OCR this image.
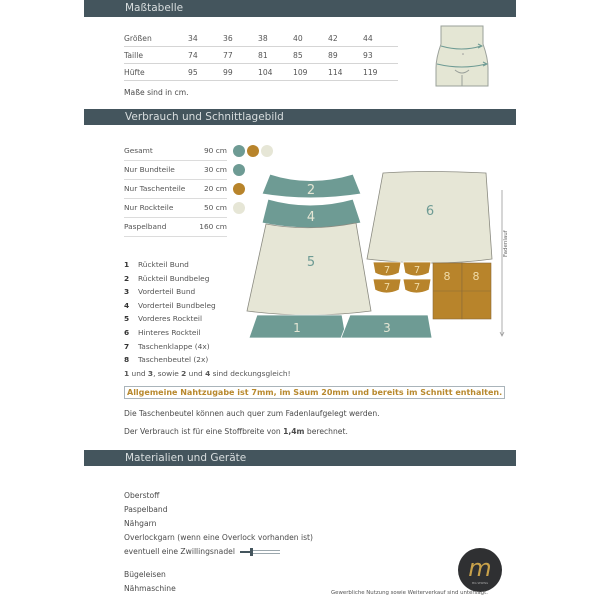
Maßtabelle
Verbrauch und Schnittlagebild
Materialien und Geräte
Größen	34	36	38	40	42	44
Taille	74	77	81	85	89	93
Hüfte	95	99	104	109	114	119
Maße sind in cm.
Gesamt	90 cm
Nur Bundteile	30 cm
Nur Taschenteile	20 cm
Nur Rockteile	50 cm
Paspelband	160 cm
2
4
5
1	3
6
7 7
7 7
8 8
Fadenlauf
1 Rückteil Bund
2 Rückteil Bundbeleg
3 Vorderteil Bund
4 Vorderteil Bundbeleg
5 Vorderes Rockteil
6 Hinteres Rockteil
7 Taschenklappe (4x)
8 Taschenbeutel (2x)
1 und 3, sowie 2 und 4 sind deckungsgleich!
Allgemeine Nahtzugabe ist 7mm, im Saum 20mm und bereits im Schnitt enthalten.
Die Taschenbeutel können auch quer zum Fadenlaufgelegt werden.
Der Verbrauch ist für eine Stoffbreite von 1,4m berechnet.
Oberstoff
Paspelband
Nähgarn
Overlockgarn (wenn eine Overlock vorhanden ist)
eventuell eine Zwillingsnadel
Bügeleisen
Nähmaschine
m
MIA SEWING
Gewerbliche Nutzung sowie Weiterverkauf sind untersagt.
